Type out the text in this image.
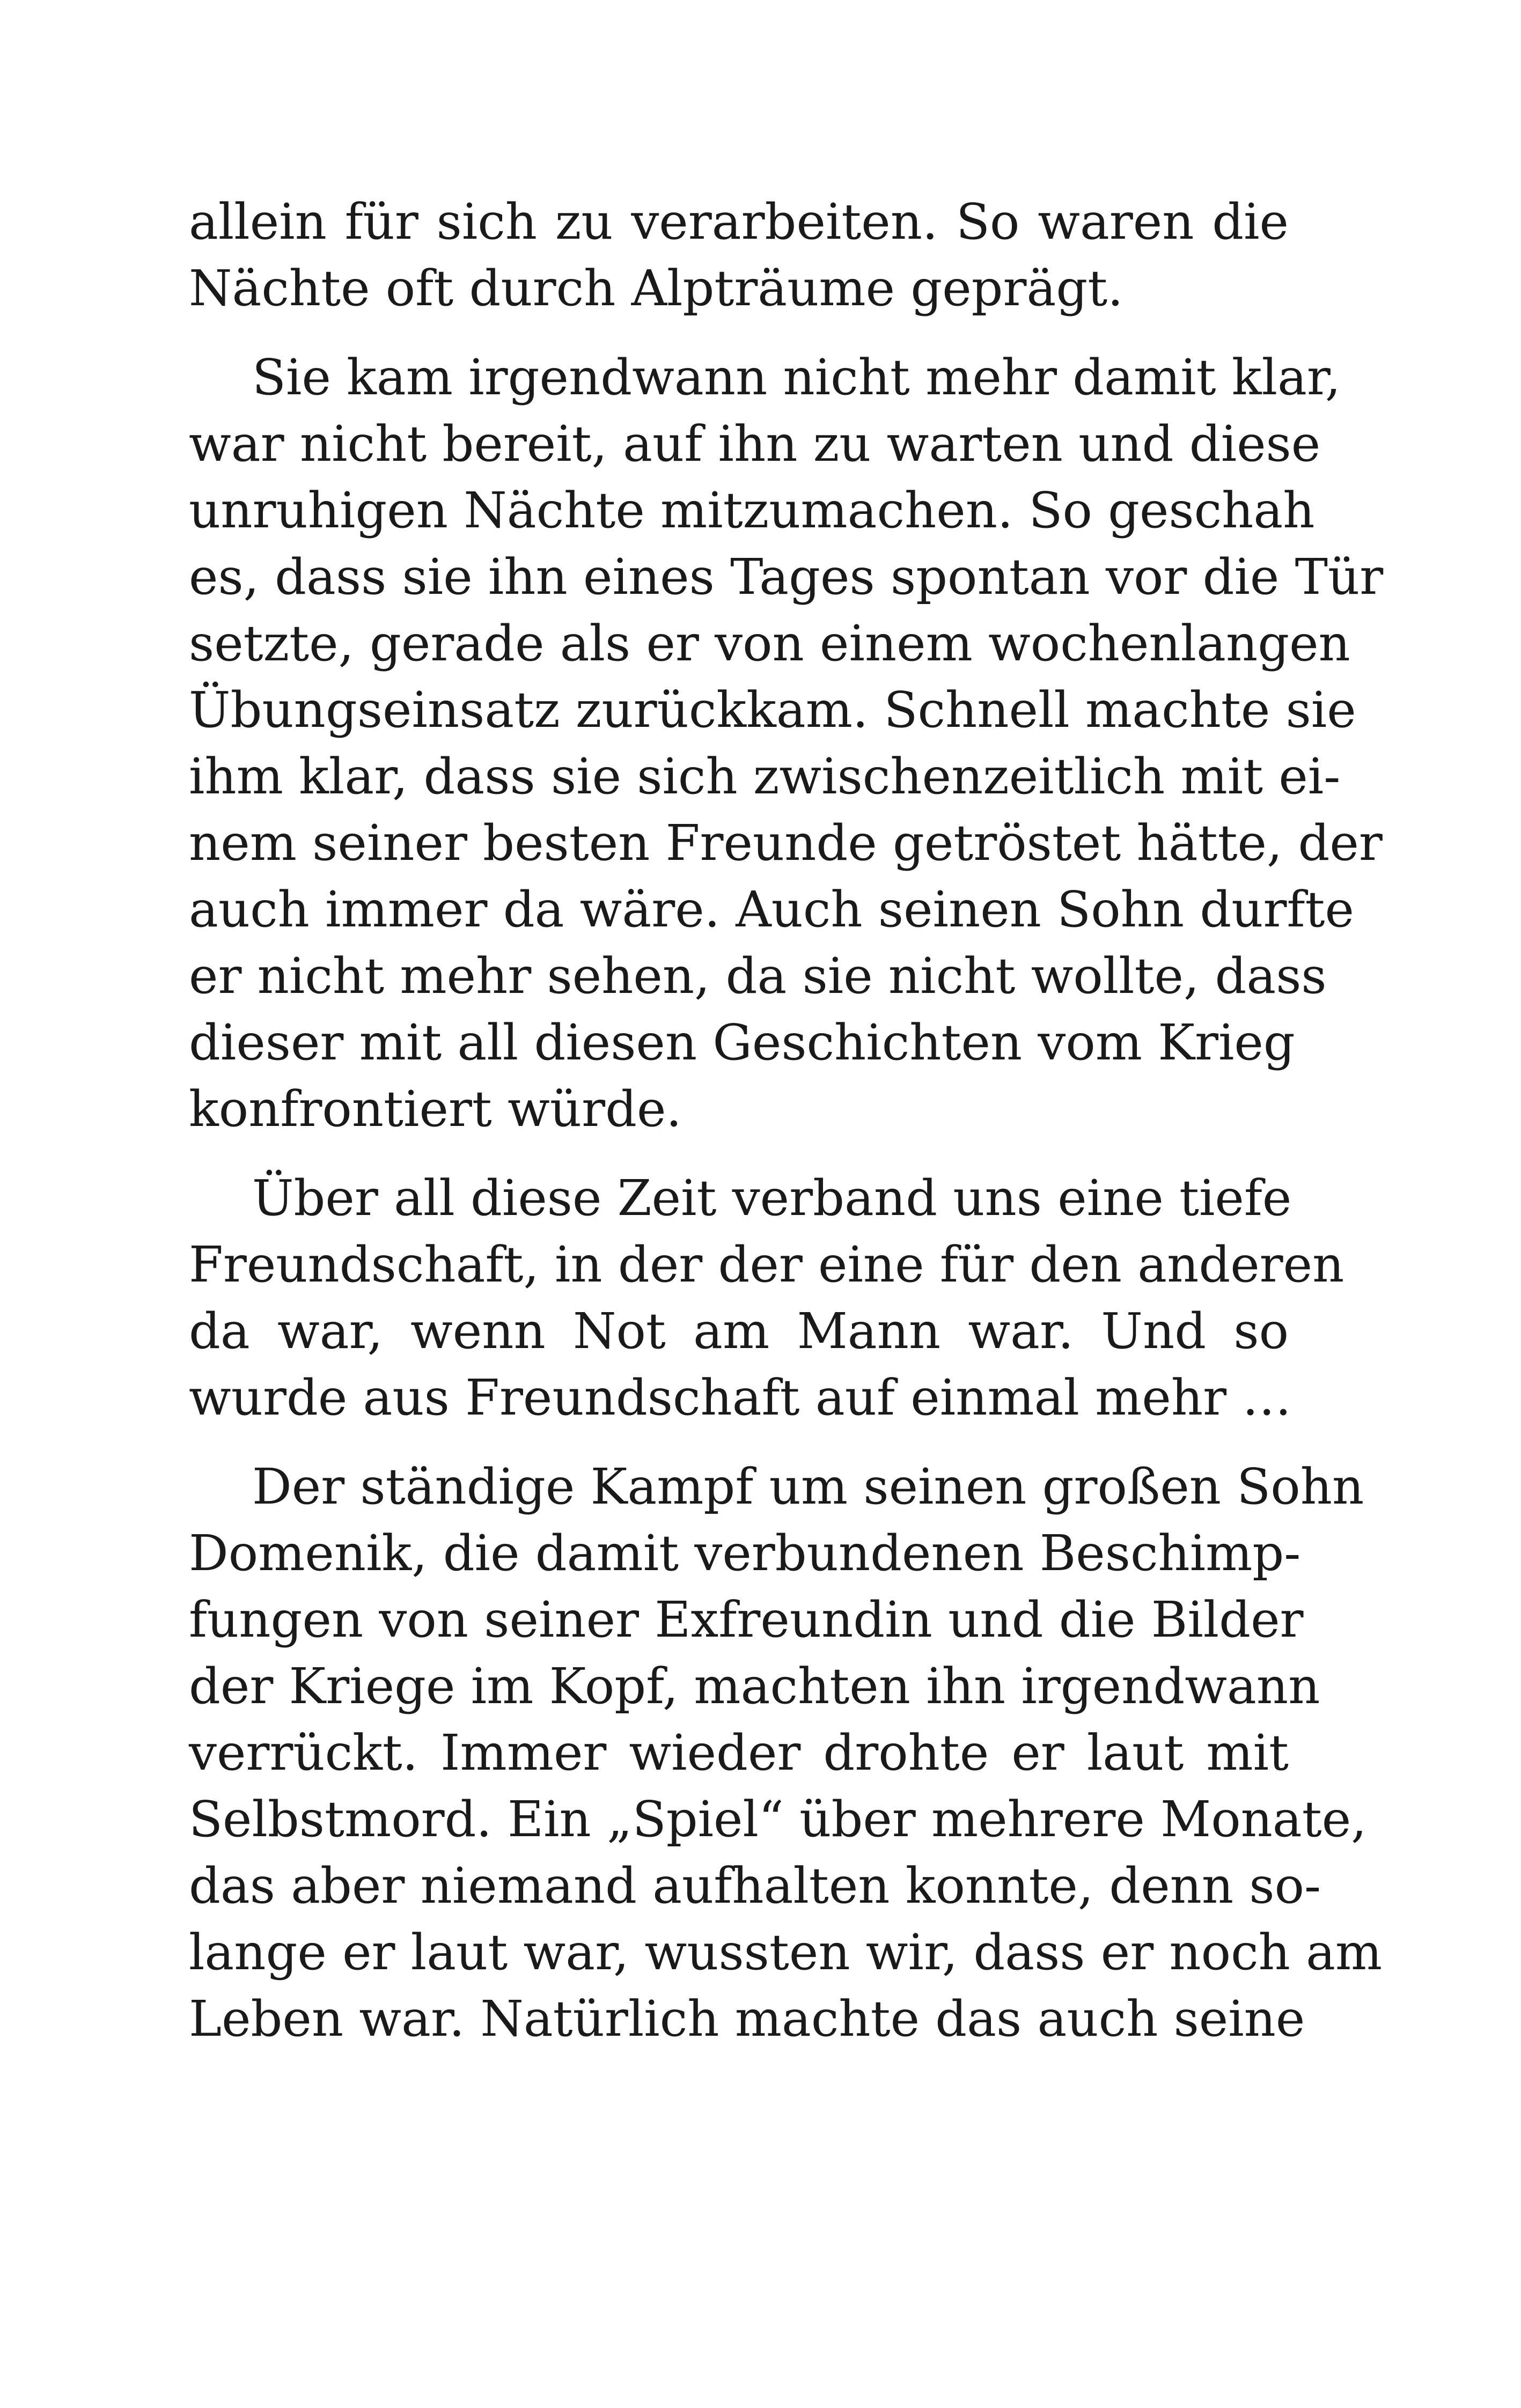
allein für sich zu verarbeiten. So waren die
Nächte oft durch Alpträume geprägt.
Sie kam irgendwann nicht mehr damit klar,
war nicht bereit, auf ihn zu warten und diese
unruhigen Nächte mitzumachen. So geschah
es, dass sie ihn eines Tages spontan vor die Tür
setzte, gerade als er von einem wochenlangen
Übungseinsatz zurückkam. Schnell machte sie
ihm klar, dass sie sich zwischenzeitlich mit ei-
nem seiner besten Freunde getröstet hätte, der
auch immer da wäre. Auch seinen Sohn durfte
er nicht mehr sehen, da sie nicht wollte, dass
dieser mit all diesen Geschichten vom Krieg
konfrontiert würde.
Über all diese Zeit verband uns eine tiefe
Freundschaft, in der der eine für den anderen
da war, wenn Not am Mann war. Und so
wurde aus Freundschaft auf einmal mehr …
Der ständige Kampf um seinen großen Sohn
Domenik, die damit verbundenen Beschimp-
fungen von seiner Exfreundin und die Bilder
der Kriege im Kopf, machten ihn irgendwann
verrückt. Immer wieder drohte er laut mit
Selbstmord. Ein „Spiel“ über mehrere Monate,
das aber niemand aufhalten konnte, denn so-
lange er laut war, wussten wir, dass er noch am
Leben war. Natürlich machte das auch seine
